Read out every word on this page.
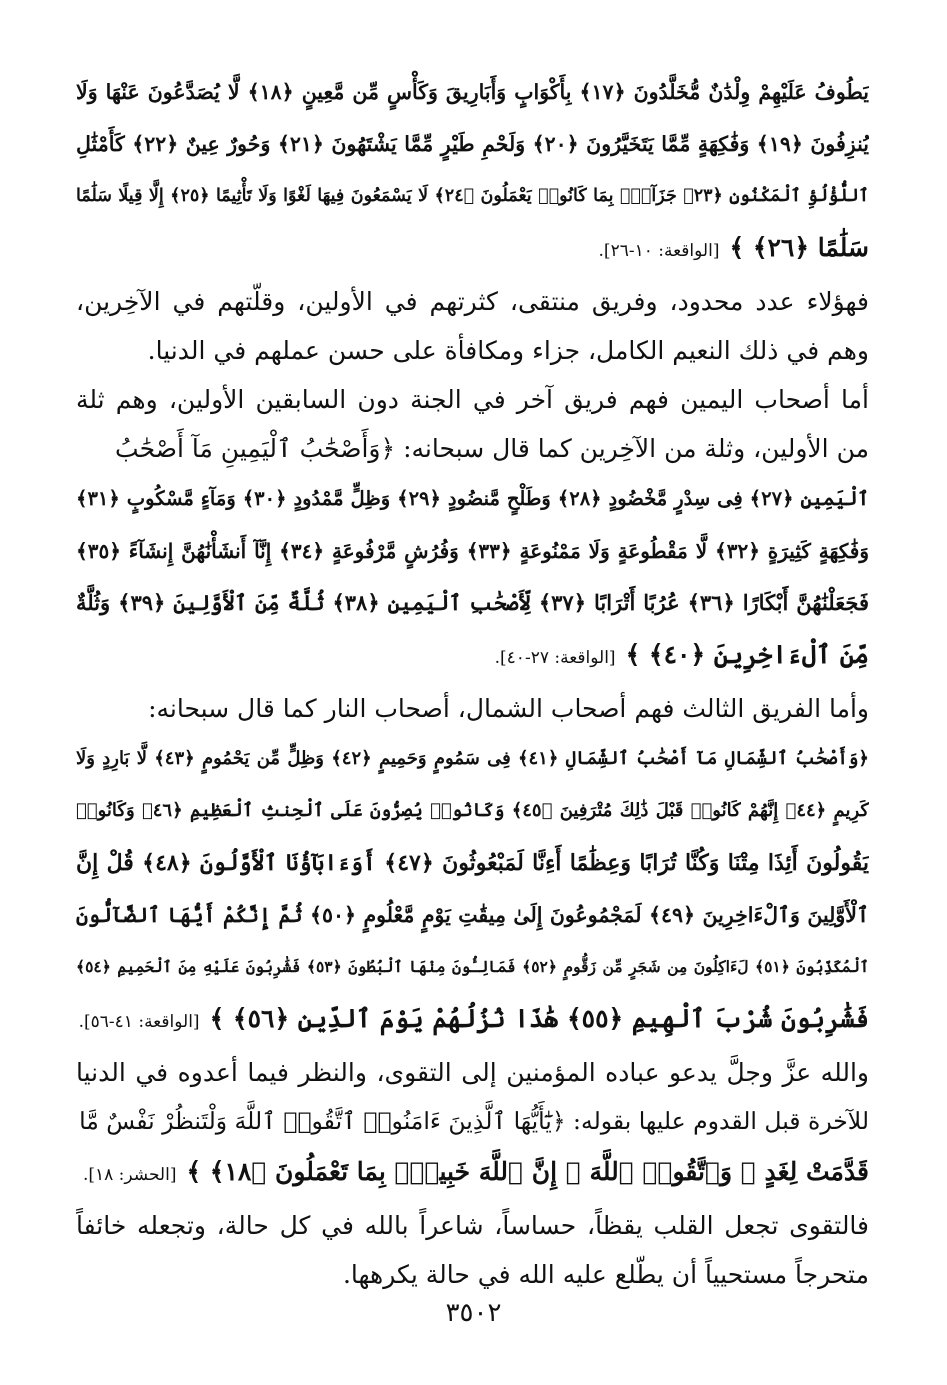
يَطُوفُ عَلَيْهِمْ وِلْدَٰنٌ مُّخَلَّدُونَ ﴿١٧﴾ بِأَكْوَابٍ وَأَبَارِيقَ وَكَأْسٍ مِّن مَّعِينٍ ﴿١٨﴾ لَّا يُصَدَّعُونَ عَنْهَا وَلَا
يُنزِفُونَ ﴿١٩﴾ وَفَٰكِهَةٍ مِّمَّا يَتَخَيَّرُونَ ﴿٢٠﴾ وَلَحْمِ طَيْرٍ مِّمَّا يَشْتَهُونَ ﴿٢١﴾ وَحُورٌ عِينٌ ﴿٢٢﴾ كَأَمْثَٰلِ
ٱللُّؤْلُؤِ ٱلْمَكْنُونِ ﴿٢٣﴾ جَزَآءًۢ بِمَا كَانُوا۟ يَعْمَلُونَ ﴿٢٤﴾ لَا يَسْمَعُونَ فِيهَا لَغْوًا وَلَا تَأْثِيمًا ﴿٢٥﴾ إِلَّا قِيلًا سَلَٰمًا
سَلَٰمًا ﴿٢٦﴾ ﴾[الواقعة: ١٠-٢٦].
فهؤلاء عدد محدود، وفريق منتقى، كثرتهم في الأولين، وقلّتهم في الآخِرين،
وهم في ذلك النعيم الكامل، جزاء ومكافأة على حسن عملهم في الدنيا.
أما أصحاب اليمين فهم فريق آخر في الجنة دون السابقين الأولين، وهم ثلة
من الأولين، وثلة من الآخِرين كما قال سبحانه: ﴿وَأَصْحَٰبُ ٱلْيَمِينِ مَآ أَصْحَٰبُ
ٱلْيَمِينِ ﴿٢٧﴾ فِى سِدْرٍ مَّخْضُودٍ ﴿٢٨﴾ وَطَلْحٍ مَّنضُودٍ ﴿٢٩﴾ وَظِلٍّ مَّمْدُودٍ ﴿٣٠﴾ وَمَآءٍ مَّسْكُوبٍ ﴿٣١﴾
وَفَٰكِهَةٍ كَثِيرَةٍ ﴿٣٢﴾ لَّا مَقْطُوعَةٍ وَلَا مَمْنُوعَةٍ ﴿٣٣﴾ وَفُرُشٍ مَّرْفُوعَةٍ ﴿٣٤﴾ إِنَّآ أَنشَأْنَٰهُنَّ إِنشَآءً ﴿٣٥﴾
فَجَعَلْنَٰهُنَّ أَبْكَارًا ﴿٣٦﴾ عُرُبًا أَتْرَابًا ﴿٣٧﴾ لِّأَصْحَٰبِ ٱلْيَمِينِ ﴿٣٨﴾ ثُلَّةٌ مِّنَ ٱلْأَوَّلِينَ ﴿٣٩﴾ وَثُلَّةٌ
مِّنَ ٱلْءَاخِرِينَ ﴿٤٠﴾ ﴾[الواقعة: ٢٧-٤٠].
وأما الفريق الثالث فهم أصحاب الشمال، أصحاب النار كما قال سبحانه:
﴿وَأَصْحَٰبُ ٱلشِّمَالِ مَآ أَصْحَٰبُ ٱلشِّمَالِ ﴿٤١﴾ فِى سَمُومٍ وَحَمِيمٍ ﴿٤٢﴾ وَظِلٍّ مِّن يَحْمُومٍ ﴿٤٣﴾ لَّا بَارِدٍ وَلَا
كَرِيمٍ ﴿٤٤﴾ إِنَّهُمْ كَانُوا۟ قَبْلَ ذَٰلِكَ مُتْرَفِينَ ﴿٤٥﴾ وَكَانُوا۟ يُصِرُّونَ عَلَى ٱلْحِنثِ ٱلْعَظِيمِ ﴿٤٦﴾ وَكَانُوا۟
يَقُولُونَ أَئِذَا مِتْنَا وَكُنَّا تُرَابًا وَعِظَٰمًا أَءِنَّا لَمَبْعُوثُونَ ﴿٤٧﴾ أَوَءَابَآؤُنَا ٱلْأَوَّلُونَ ﴿٤٨﴾ قُلْ إِنَّ
ٱلْأَوَّلِينَ وَٱلْءَاخِرِينَ ﴿٤٩﴾ لَمَجْمُوعُونَ إِلَىٰ مِيقَٰتِ يَوْمٍ مَّعْلُومٍ ﴿٥٠﴾ ثُمَّ إِنَّكُمْ أَيُّهَا ٱلضَّآلُّونَ
ٱلْمُكَذِّبُونَ ﴿٥١﴾ لَءَاكِلُونَ مِن شَجَرٍ مِّن زَقُّومٍ ﴿٥٢﴾ فَمَالِـُٔونَ مِنْهَا ٱلْبُطُونَ ﴿٥٣﴾ فَشَٰرِبُونَ عَلَيْهِ مِنَ ٱلْحَمِيمِ ﴿٥٤﴾
فَشَٰرِبُونَ شُرْبَ ٱلْهِيمِ ﴿٥٥﴾ هَٰذَا نُزُلُهُمْ يَوْمَ ٱلدِّينِ ﴿٥٦﴾ ﴾[الواقعة: ٤١-٥٦].
والله عزَّ وجلَّ يدعو عباده المؤمنين إلى التقوى، والنظر فيما أعدوه في الدنيا
للآخرة قبل القدوم عليها بقوله: ﴿يَٰٓأَيُّهَا ٱلَّذِينَ ءَامَنُوا۟ ٱتَّقُوا۟ ٱللَّهَ وَلْتَنظُرْ نَفْسٌ مَّا
قَدَّمَتْ لِغَدٍ ۖ وَٱتَّقُوا۟ ٱللَّهَ ۚ إِنَّ ٱللَّهَ خَبِيرٌۢ بِمَا تَعْمَلُونَ ﴿١٨﴾ ﴾[الحشر: ١٨].
فالتقوى تجعل القلب يقظاً، حساساً، شاعراً بالله في كل حالة، وتجعله خائفاً
متحرجاً مستحيياً أن يطّلع عليه الله في حالة يكرهها.
٣٥٠٢
